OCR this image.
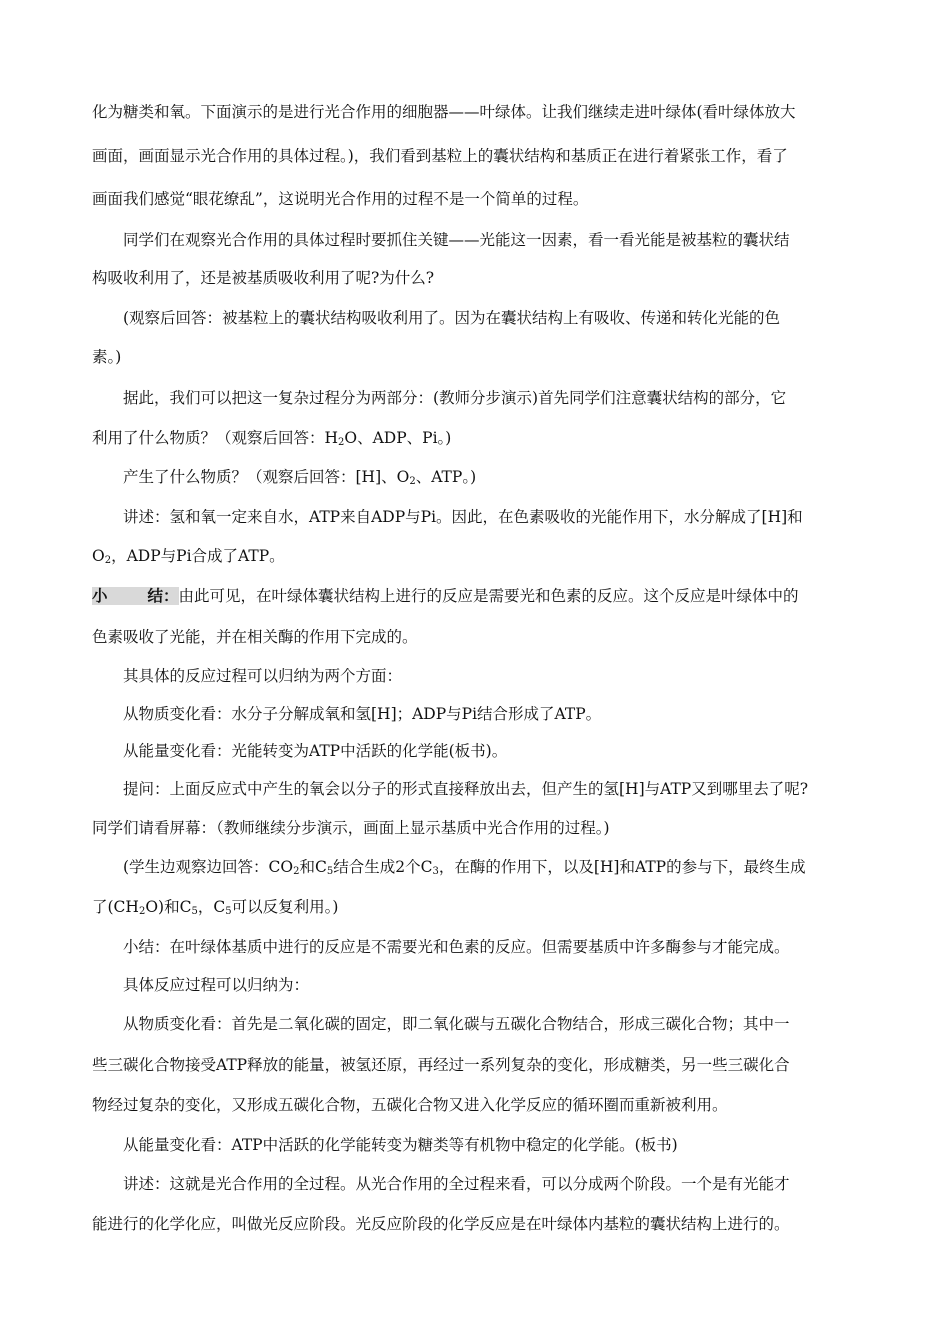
化为糖类和氧。下面演示的是进行光合作用的细胞器——叶绿体。让我们继续走进叶绿体(看叶绿体放大
画面，画面显示光合作用的具体过程。)，我们看到基粒上的囊状结构和基质正在进行着紧张工作，看了
画面我们感觉“眼花缭乱”，这说明光合作用的过程不是一个简单的过程。
同学们在观察光合作用的具体过程时要抓住关键——光能这一因素，看一看光能是被基粒的囊状结
构吸收利用了，还是被基质吸收利用了呢?为什么?
(观察后回答：被基粒上的囊状结构吸收利用了。因为在囊状结构上有吸收、传递和转化光能的色
素。)
据此，我们可以把这一复杂过程分为两部分：(教师分步演示)首先同学们注意囊状结构的部分，它
利用了什么物质？（观察后回答：$H_2O$、ADP、Pi。)
产生了什么物质？（观察后回答：[H]、$O_2$、ATP。)
讲述：氢和氧一定来自水，ATP来自ADP与Pi。因此，在色素吸收的光能作用下，水分解成了[H]和
$O_2$，ADP与Pi合成了ATP。
小	结：由此可见，在叶绿体囊状结构上进行的反应是需要光和色素的反应。这个反应是叶绿体中的
色素吸收了光能，并在相关酶的作用下完成的。
其具体的反应过程可以归纳为两个方面：
从物质变化看：水分子分解成氧和氢[H]；ADP与Pi结合形成了ATP。
从能量变化看：光能转变为ATP中活跃的化学能(板书)。
提问：上面反应式中产生的氧会以分子的形式直接释放出去，但产生的氢[H]与ATP又到哪里去了呢?
同学们请看屏幕：（教师继续分步演示，画面上显示基质中光合作用的过程。)
(学生边观察边回答：$CO_2$和$C_5$结合生成2个$C_3$，在酶的作用下，以及[H]和ATP的参与下，最终生成
了$(CH_2O)$和$C_5$，$C_5$可以反复利用。)
小结：在叶绿体基质中进行的反应是不需要光和色素的反应。但需要基质中许多酶参与才能完成。
具体反应过程可以归纳为：
从物质变化看：首先是二氧化碳的固定，即二氧化碳与五碳化合物结合，形成三碳化合物；其中一
些三碳化合物接受ATP释放的能量，被氢还原，再经过一系列复杂的变化，形成糖类，另一些三碳化合
物经过复杂的变化，又形成五碳化合物，五碳化合物又进入化学反应的循环圈而重新被利用。
从能量变化看：ATP中活跃的化学能转变为糖类等有机物中稳定的化学能。(板书)
讲述：这就是光合作用的全过程。从光合作用的全过程来看，可以分成两个阶段。一个是有光能才
能进行的化学化应，叫做光反应阶段。光反应阶段的化学反应是在叶绿体内基粒的囊状结构上进行的。
